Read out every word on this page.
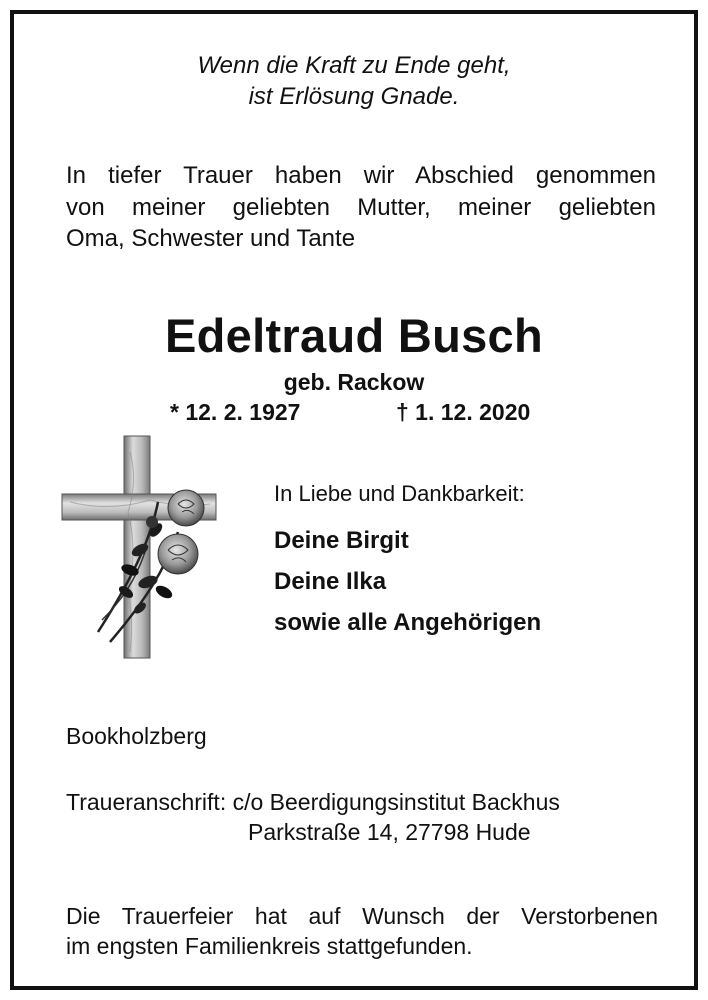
Wenn die Kraft zu Ende geht,
ist Erlösung Gnade.
In tiefer Trauer haben wir Abschied genommen
von meiner geliebten Mutter, meiner geliebten
Oma, Schwester und Tante
Edeltraud Busch
geb. Rackow
* 12. 2. 1927	† 1. 12. 2020
In Liebe und Dankbarkeit:
Deine Birgit
Deine Ilka
sowie alle Angehörigen
Bookholzberg
Traueranschrift: c/o Beerdigungsinstitut Backhus
Parkstraße 14, 27798 Hude
Die Trauerfeier hat auf Wunsch der Verstorbenen
im engsten Familienkreis stattgefunden.
